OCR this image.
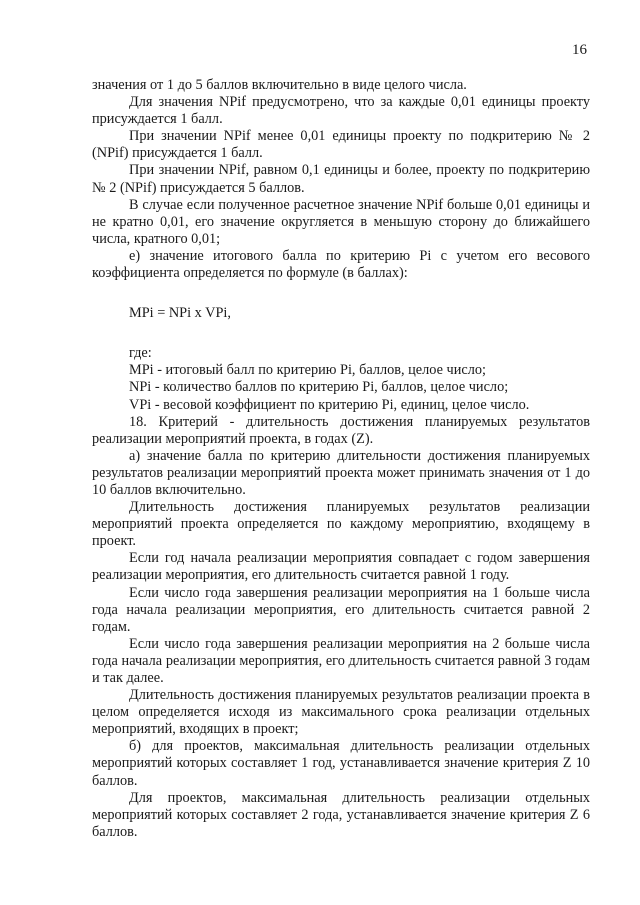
16

значения от 1 до 5 баллов включительно в виде целого числа.

Для значения NPif предусмотрено, что за каждые 0,01 единицы проекту присуждается 1 балл.

При значении NPif менее 0,01 единицы проекту по подкритерию № 2 (NPif) присуждается 1 балл.

При значении NPif, равном 0,1 единицы и более, проекту по подкритерию № 2 (NPif) присуждается 5 баллов.

В случае если полученное расчетное значение NPif больше 0,01 единицы и не кратно 0,01, его значение округляется в меньшую сторону до ближайшего числа, кратного 0,01;

е) значение итогового балла по критерию Pi с учетом его весового коэффициента определяется по формуле (в баллах):

MPi = NPi x VPi,

где:

MPi - итоговый балл по критерию Pi, баллов, целое число;

NPi - количество баллов по критерию Pi, баллов, целое число;

VPi - весовой коэффициент по критерию Pi, единиц, целое число.

18. Критерий - длительность достижения планируемых результатов реализации мероприятий проекта, в годах (Z).

а) значение балла по критерию длительности достижения планируемых результатов реализации мероприятий проекта может принимать значения от 1 до 10 баллов включительно.

Длительность достижения планируемых результатов реализации мероприятий проекта определяется по каждому мероприятию, входящему в проект.

Если год начала реализации мероприятия совпадает с годом завершения реализации мероприятия, его длительность считается равной 1 году.

Если число года завершения реализации мероприятия на 1 больше числа года начала реализации мероприятия, его длительность считается равной 2 годам.

Если число года завершения реализации мероприятия на 2 больше числа года начала реализации мероприятия, его длительность считается равной 3 годам и так далее.

Длительность достижения планируемых результатов реализации проекта в целом определяется исходя из максимального срока реализации отдельных мероприятий, входящих в проект;

б) для проектов, максимальная длительность реализации отдельных мероприятий которых составляет 1 год, устанавливается значение критерия Z 10 баллов.

Для проектов, максимальная длительность реализации отдельных мероприятий которых составляет 2 года, устанавливается значение критерия Z 6 баллов.
